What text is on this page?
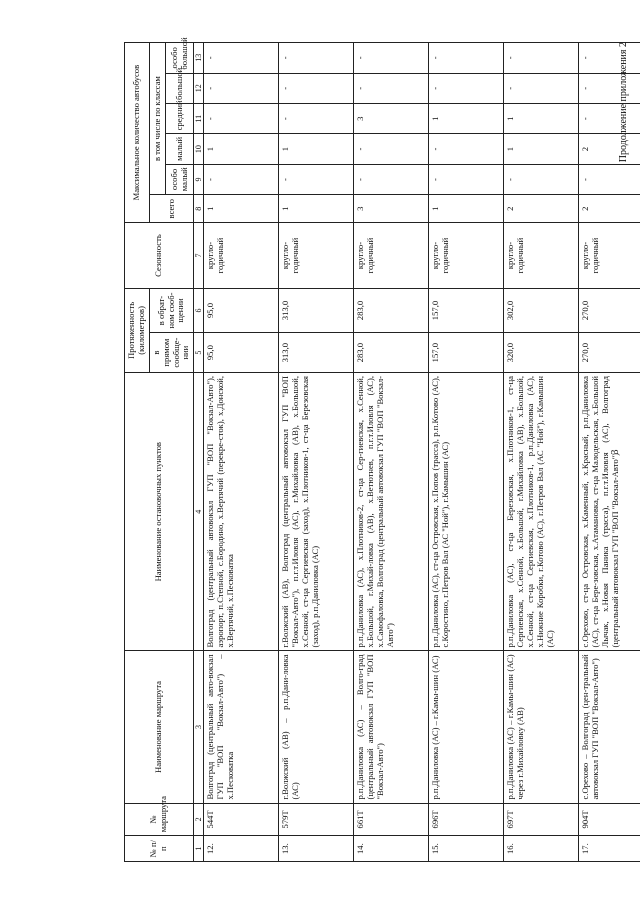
№ п/п	№ маршрута	Наименование маршрута	Наименование остановочных пунктов	Протяженность (километров)		Сезонность	Максимальное количество автобусов					
				в прямом сообще-нии	в обрат-ном сооб-щении		всего	в том числе по классам				
								особо малый	малый	средний	большой	особо большой
1	2	3	4	5	6	7	8	9	10	11	12	13
12.	544Т	Волгоград (центральный авто-вокзал ГУП "ВОП "Вокзал-Авто") – х.Песковатка	Волгоград (центральный автовокзал ГУП "ВОП "Вокзал-Авто"), аэропорт, п.Степной, с.Бородино, х.Вертячий (перекре-сток), х.Донской, х.Вертячий, х.Песковатка	95,0	95,0	кругло-годичный	1	-	1	-	-	-
13.	579Т	г.Волжский (АВ) – р.п.Дани-ловка (АС)	г.Волжский (АВ), Волгоград (центральный автовокзал ГУП "ВОП "Вокзал-Авто"), п.г.т.Иловля (АС), г.Михайловка (АВ), х.Большой, х.Сенной, ст-ца Сергиевская (заход), х.Плотников-1, ст-ца Березовская (заход), р.п.Даниловка (АС)	313,0	313,0	кругло-годичный	1	-	1	-	-	-
14.	661Т	р.п.Даниловка (АС) – Волго-град (центральный автовокзал ГУП "ВОП "Вокзал-Авто")	р.п.Даниловка (АС), х.Плотников-2, ст-ца Сер-гиевская, х.Сенной, х.Большой, г.Михай-ловка (АВ), х.Ветютнев, п.г.т.Иловля (АС), х.Самофаловка, Волгоград (центральный автовокзал ГУП "ВОП "Вокзал-Авто")	283,0	283,0	кругло-годичный	3	-	-	3	-	-
15.	696Т	р.п.Даниловка (АС) – г.Камы-шин (АС)	р.п.Даниловка (АС), ст-ца Островская, х.Попов (трасса), р.п.Котово (АС), с.Коростино, г.Петров Вал (АС "Ной"), г.Камышин (АС)	157,0	157,0	кругло-годичный	1	-	-	1	-	-
16.	697Т	р.п.Даниловка (АС) – г.Камы-шин (АС) через г.Михайловку (АВ)	р.п.Даниловка (АС), ст-ца Березовская, х.Плотников-1, ст-ца Сергиевская, х.Сенной, х.Большой, г.Михайловка (АВ), х.Большой, х.Сенной, ст-ца Сергиевская, х.Плотников-1, р.п.Даниловка (АС), х.Нижние Коробки, г.Котово (АС), г.Петров Вал (АС "Ной"), г.Камышин (АС)	320,0	302,0	кругло-годичный	2	-	1	1	-	-
17.	904Т	с.Орехово – Волгоград (цен-тральный автовокзал ГУП "ВОП "Вокзал-Авто")	с.Орехово, ст-ца Островская, х.Каменный, х.Красный, р.п.Даниловка (АС), ст-ца Бере-зовская, х.Атамановка, ст-ца Малодельская, х.Большой Лычак, х.Новая Паника (трасса), п.г.т.Иловля (АС), Волгоград (центральный автовокзал ГУП "ВОП "Вокзал-Авто")	270,0	270,0	кругло-годичный	2	-	2	-	-	-	Продолжение приложения 2
3
